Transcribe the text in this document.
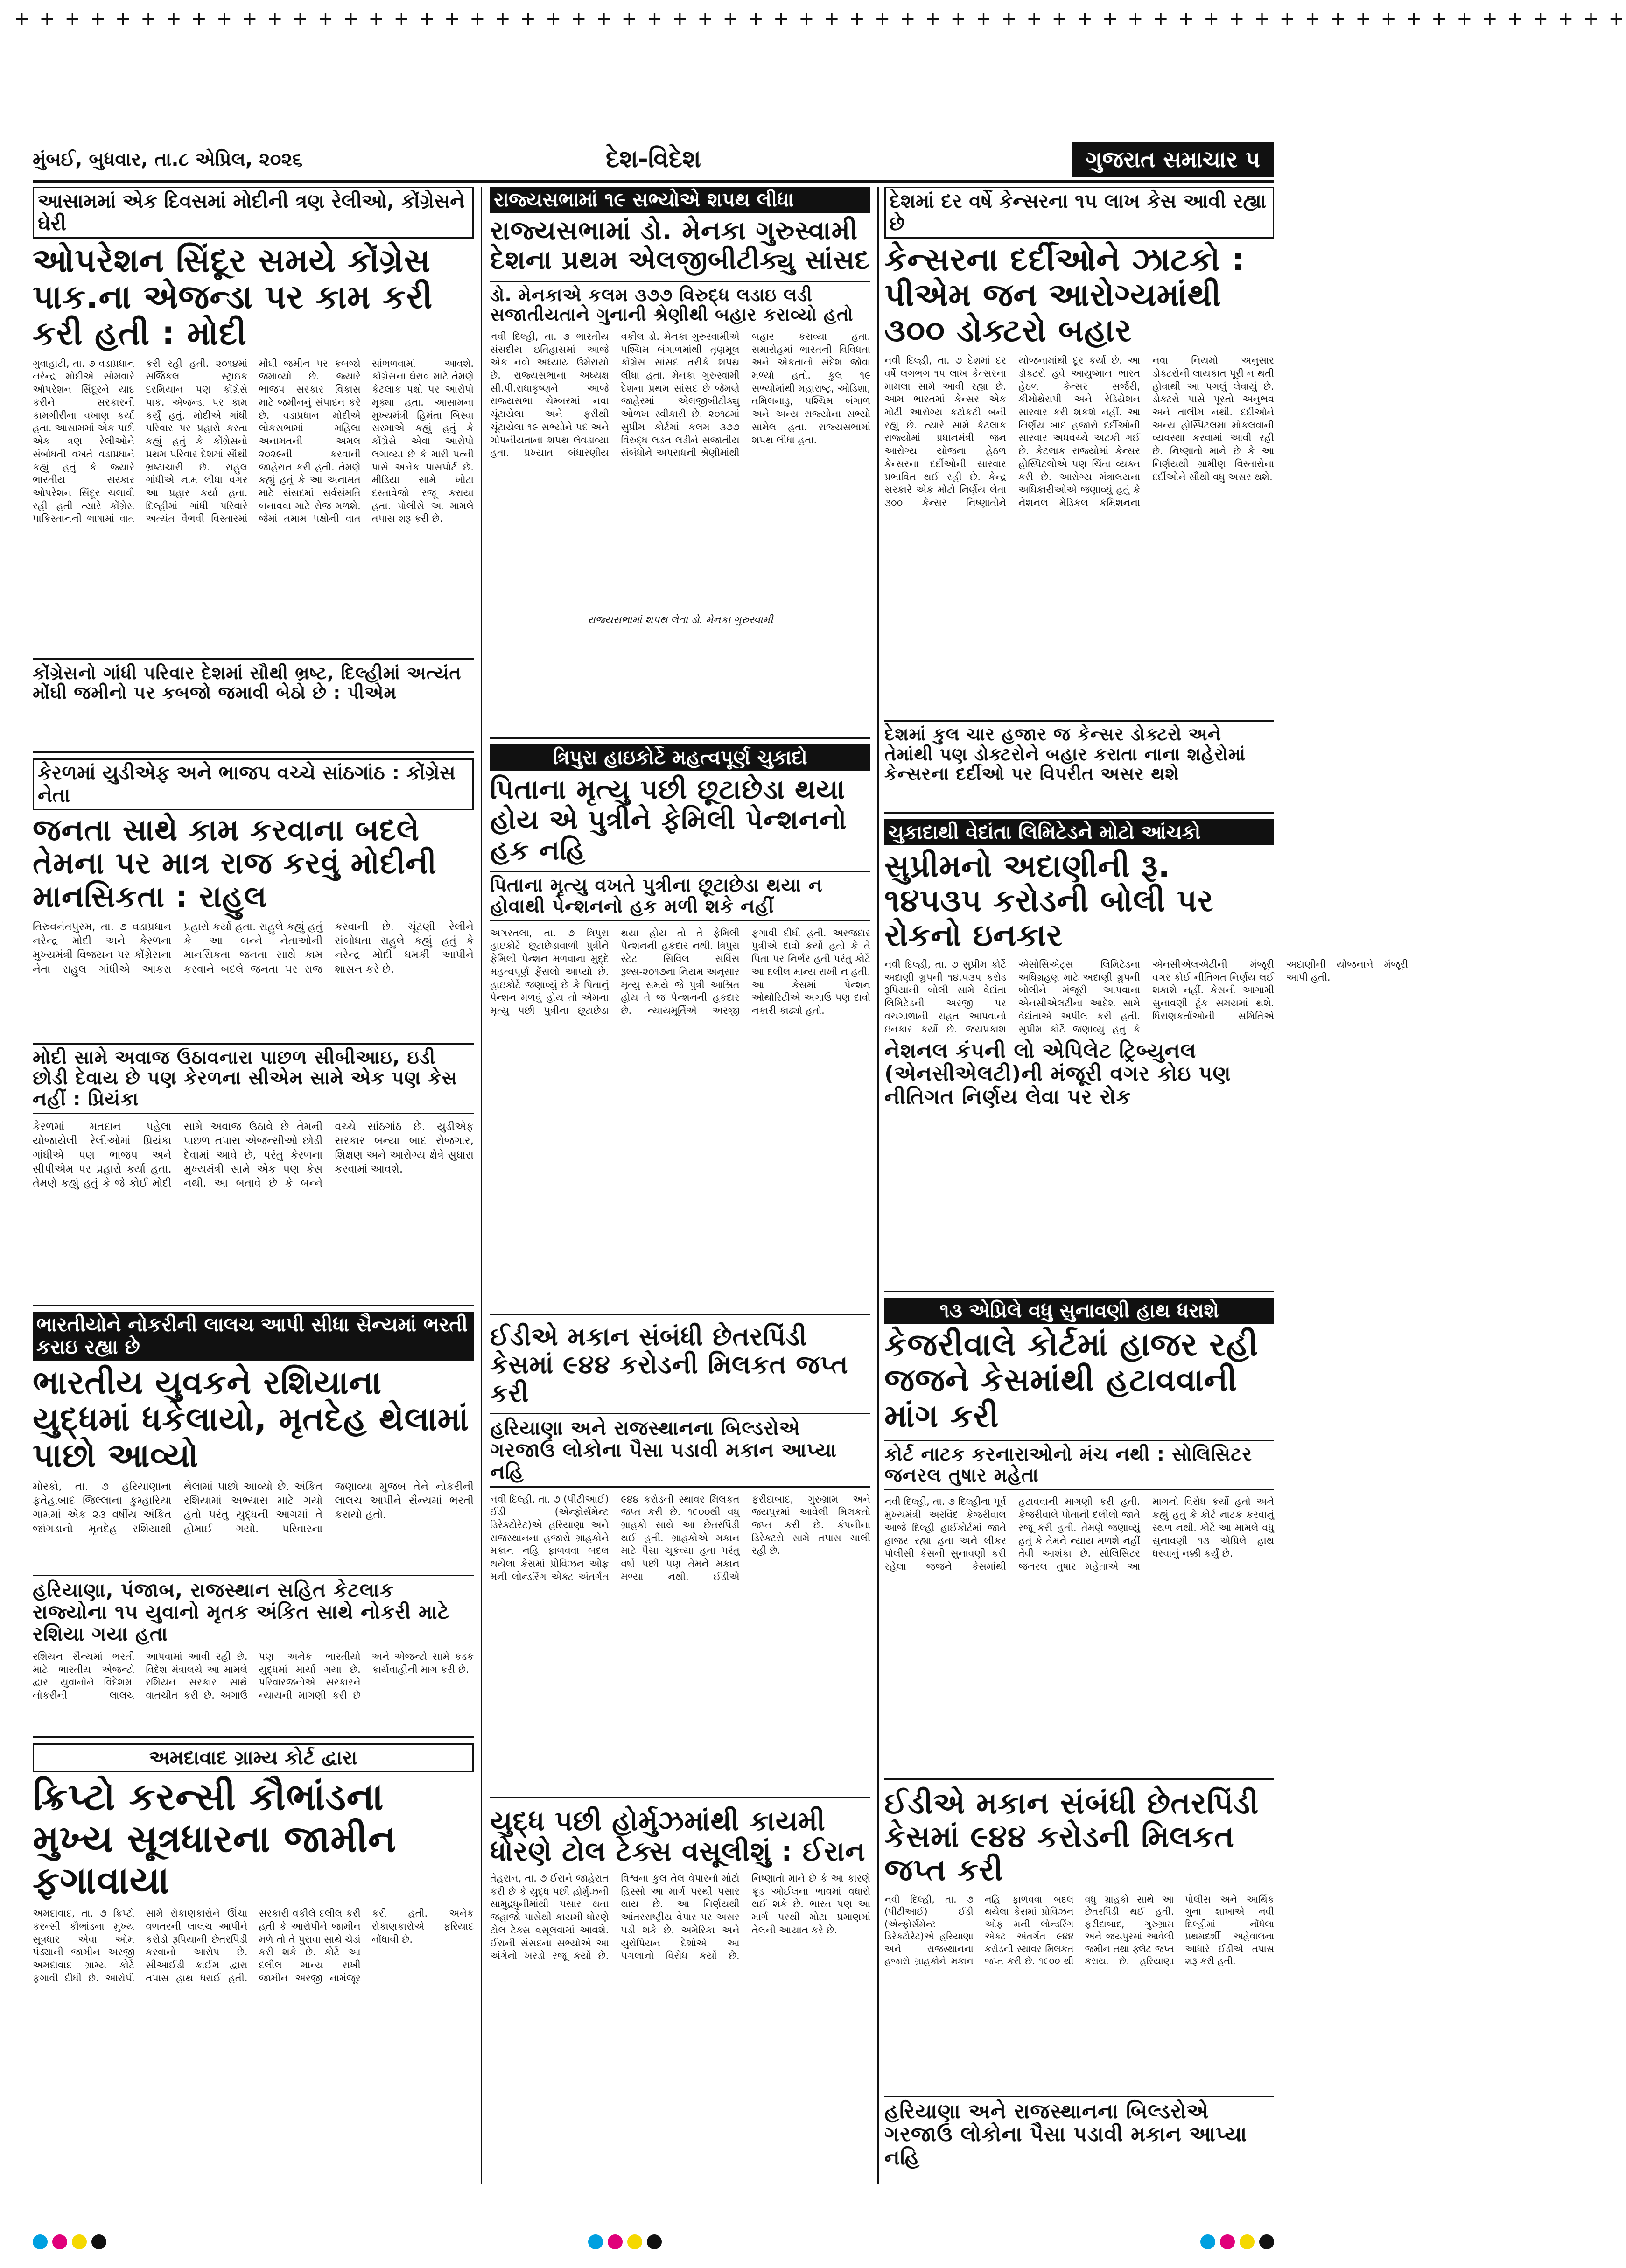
+ + + + + + + + + + + + + + + + + + + + + + + + + + + + + + + + + + + + + + + + + + + + + + + + + + + + + + + + + + + + + + + +
મુંબઈ, બુધવાર, તા.૮ એપ્રિલ, ૨૦૨૬	દેશ-વિદેશ	ગુજરાત સમાચાર ૫
આસામમાં એક દિવસમાં મોદીની ત્રણ રેલીઓ, કોંગ્રેસને ઘેરી
ઓપરેશન સિંદૂર સમયે કોંગ્રેસ પાક.ના એજન્ડા પર કામ કરી કરી હતી : મોદી
ગુવાહાટી, તા. ૭ વડાપ્રધાન નરેન્દ્ર મોદીએ સોમવારે ઓપરેશન સિંદૂરને યાદ કરીને સરકારની કામગીરીના વખાણ કર્યા હતા. આસામમાં એક પછી એક ત્રણ રેલીઓને સંબોધતી વખતે વડાપ્રધાને કહ્યું હતું કે જ્યારે ભારતીય સરકાર ઓપરેશન સિંદૂર ચલાવી રહી હતી ત્યારે કોંગ્રેસ પાકિસ્તાનની ભાષામાં વાત કરી રહી હતી. ૨૦૧૪માં સર્જિકલ સ્ટ્રાઇક દરમિયાન પણ કોંગ્રેસે પાક. એજન્ડા પર કામ કર્યું હતું. મોદીએ ગાંધી પરિવાર પર પ્રહારો કરતા કહ્યું હતું કે કોંગ્રેસનો પ્રથમ પરિવાર દેશમાં સૌથી ભ્રષ્ટાચારી છે. રાહુલ ગાંધીએ નામ લીધા વગર આ પ્રહાર કર્યા હતા. દિલ્હીમાં ગાંધી પરિવારે અત્યંત વૈભવી વિસ્તારમાં મોંઘી જમીન પર કબજો જમાવ્યો છે. જ્યારે ભાજપ સરકાર વિકાસ માટે જમીનનું સંપાદન કરે છે. વડાપ્રધાન મોદીએ લોકસભામાં મહિલા અનામતની અમલ ૨૦૨૯ની કરવાની જાહેરાત કરી હતી. તેમણે કહ્યું હતું કે આ અનામત માટે સંસદમાં સર્વસંમતિ બનાવવા માટે રોજ મળશે. જેમાં તમામ પક્ષોની વાત સાંભળવામાં આવશે. કોંગ્રેસના ઘેરાવ માટે તેમણે કેટલાક પક્ષો પર આરોપો મૂક્યા હતા. આસામના મુખ્યમંત્રી હિમંતા બિસ્વા સરમાએ કહ્યું હતું કે કોંગ્રેસે એવા આરોપો લગાવ્યા છે કે મારી પત્ની પાસે અનેક પાસપોર્ટ છે. મીડિયા સામે ખોટા દસ્તાવેજો રજૂ કરાયા હતા. પોલીસે આ મામલે તપાસ શરૂ કરી છે.
કોંગ્રેસનો ગાંધી પરિવાર દેશમાં સૌથી ભ્રષ્ટ, દિલ્હીમાં અત્યંત મોંઘી જમીનો પર કબજો જમાવી બેઠો છે : પીએમ
કેરળમાં યુડીએફ અને ભાજપ વચ્ચે સાંઠગાંઠ : કોંગ્રેસ નેતા
જનતા સાથે કામ કરવાના બદલે તેમના પર માત્ર રાજ કરવું મોદીની માનસિકતા : રાહુલ
તિરુવનંતપુરમ, તા. ૭ વડાપ્રધાન નરેન્દ્ર મોદી અને કેરળના મુખ્યમંત્રી વિજયન પર કોંગ્રેસના નેતા રાહુલ ગાંધીએ આકરા પ્રહારો કર્યા હતા. રાહુલે કહ્યું હતું કે આ બન્ને નેતાઓની માનસિકતા જનતા સાથે કામ કરવાને બદલે જનતા પર રાજ કરવાની છે. ચૂંટણી રેલીને સંબોધતા રાહુલે કહ્યું હતું કે નરેન્દ્ર મોદી ધમકી આપીને શાસન કરે છે.
મોદી સામે અવાજ ઉઠાવનારા પાછળ સીબીઆઇ, ઇડી છોડી દેવાય છે પણ કેરળના સીએમ સામે એક પણ કેસ નહીં : પ્રિયંકા
કેરળમાં મતદાન પહેલા યોજાયેલી રેલીઓમાં પ્રિયંકા ગાંધીએ પણ ભાજપ અને સીપીએમ પર પ્રહારો કર્યા હતા. તેમણે કહ્યું હતું કે જે કોઈ મોદી સામે અવાજ ઉઠાવે છે તેમની પાછળ તપાસ એજન્સીઓ છોડી દેવામાં આવે છે, પરંતુ કેરળના મુખ્યમંત્રી સામે એક પણ કેસ નથી. આ બતાવે છે કે બન્ને વચ્ચે સાંઠગાંઠ છે. યુડીએફ સરકાર બન્યા બાદ રોજગાર, શિક્ષણ અને આરોગ્ય ક્ષેત્રે સુધારા કરવામાં આવશે.
ભારતીયોને નોકરીની લાલચ આપી સીધા સૈન્યમાં ભરતી કરાઇ રહ્યા છે
ભારતીય યુવકને રશિયાના યુદ્ધમાં ધકેલાયો, મૃતદેહ થેલામાં પાછો આવ્યો
મોસ્કો, તા. ૭ હરિયાણાના ફતેહાબાદ જિલ્લાના કુમ્હારિયા ગામમાં એક ૨૩ વર્ષીય અંકિત જાંગડાનો મૃતદેહ રશિયાથી થેલામાં પાછો આવ્યો છે. અંકિત રશિયામાં અભ્યાસ માટે ગયો હતો પરંતુ યુદ્ધની આગમાં તે હોમાઈ ગયો. પરિવારના જણાવ્યા મુજબ તેને નોકરીની લાલચ આપીને સૈન્યમાં ભરતી કરાયો હતો.
હરિયાણા, પંજાબ, રાજસ્થાન સહિત કેટલાક રાજ્યોના ૧૫ યુવાનો મૃતક અંકિત સાથે નોકરી માટે રશિયા ગયા હતા
રશિયન સૈન્યમાં ભરતી માટે ભારતીય એજન્ટો દ્વારા યુવાનોને વિદેશમાં નોકરીની લાલચ આપવામાં આવી રહી છે. વિદેશ મંત્રાલયે આ મામલે રશિયન સરકાર સાથે વાતચીત કરી છે. અગાઉ પણ અનેક ભારતીયો યુદ્ધમાં માર્યા ગયા છે. પરિવારજનોએ સરકારને ન્યાયની માગણી કરી છે અને એજન્ટો સામે કડક કાર્યવાહીની માગ કરી છે.
અમદાવાદ ગ્રામ્ય કોર્ટ દ્વારા
ક્રિપ્ટો કરન્સી કૌભાંડના મુખ્ય સૂત્રધારના જામીન ફગાવાયા
અમદાવાદ, તા. ૭ ક્રિપ્ટો કરન્સી કૌભાંડના મુખ્ય સૂત્રધાર એવા ઓમ પંડ્યાની જામીન અરજી અમદાવાદ ગ્રામ્ય કોર્ટે ફગાવી દીધી છે. આરોપી સામે રોકાણકારોને ઊંચા વળતરની લાલચ આપીને કરોડો રૂપિયાની છેતરપિંડી કરવાનો આરોપ છે. સીઆઈડી ક્રાઈમ દ્વારા તપાસ હાથ ધરાઈ હતી. સરકારી વકીલે દલીલ કરી હતી કે આરોપીને જામીન મળે તો તે પુરાવા સાથે ચેડાં કરી શકે છે. કોર્ટે આ દલીલ માન્ય રાખી જામીન અરજી નામંજૂર કરી હતી. અનેક રોકાણકારોએ ફરિયાદ નોંધાવી છે.
રાજ્યસભામાં ૧૯ સભ્યોએ શપથ લીધા
રાજ્યસભામાં ડો. મેનકા ગુરુસ્વામી દેશના પ્રથમ એલજીબીટીક્યુ સાંસદ
ડો. મેનકાએ કલમ ૩૭૭ વિરુદ્ધ લડાઇ લડી સજાતીયતાને ગુનાની શ્રેણીથી બહાર કરાવ્યો હતો
નવી દિલ્હી, તા. ૭ ભારતીય સંસદીય ઇતિહાસમાં આજે એક નવો અધ્યાય ઉમેરાયો છે. રાજ્યસભાના અધ્યક્ષ સી.પી.રાધાકૃષ્ણને આજે રાજ્યસભા ચેમ્બરમાં નવા ચૂંટાયેલા અને ફરીથી ચૂંટાયેલા ૧૯ સભ્યોને પદ અને ગોપનીયતાના શપથ લેવડાવ્યા હતા. પ્રખ્યાત બંધારણીય વકીલ ડો. મેનકા ગુરુસ્વામીએ પશ્ચિમ બંગાળમાંથી તૃણમૂલ કોંગ્રેસ સાંસદ તરીકે શપથ લીધા હતા. મેનકા ગુરુસ્વામી દેશના પ્રથમ સાંસદ છે જેમણે જાહેરમાં એલજીબીટીક્યુ ઓળખ સ્વીકારી છે. ૨૦૧૮માં સુપ્રીમ કોર્ટમાં કલમ ૩૭૭ વિરુદ્ધ લડત લડીને સજાતીય સંબંધોને અપરાધની શ્રેણીમાંથી બહાર કરાવ્યા હતા. સમારોહમાં ભારતની વિવિધતા અને એકતાનો સંદેશ જોવા મળ્યો હતો. કુલ ૧૯ સભ્યોમાંથી મહારાષ્ટ્ર, ઓડિશા, તમિલનાડુ, પશ્ચિમ બંગાળ અને અન્ય રાજ્યોના સભ્યો સામેલ હતા. રાજ્યસભામાં શપથ લીધા હતા.
રાજ્યસભામાં શપથ લેતા ડો. મેનકા ગુરુસ્વામી
ત્રિપુરા હાઇકોર્ટે મહત્વપૂર્ણ ચુકાદો
પિતાના મૃત્યુ પછી છૂટાછેડા થયા હોય એ પુત્રીને ફેમિલી પેન્શનનો હક નહિ
પિતાના મૃત્યુ વખતે પુત્રીના છૂટાછેડા થયા ન હોવાથી પેન્શનનો હક મળી શકે નહીં
અગરતલા, તા. ૭ ત્રિપુરા હાઇકોર્ટે છૂટાછેડાવાળી પુત્રીને ફેમિલી પેન્શન મળવાના મુદ્દે મહત્વપૂર્ણ ફેંસલો આપ્યો છે. હાઇકોર્ટે જણાવ્યું છે કે પિતાનું પેન્શન મળવું હોય તો એમના મૃત્યુ પછી પુત્રીના છૂટાછેડા થયા હોય તો તે ફેમિલી પેન્શનની હકદાર નથી. ત્રિપુરા સ્ટેટ સિવિલ સર્વિસ રૂલ્સ-૨૦૧૭ના નિયમ અનુસાર મૃત્યુ સમયે જે પુત્રી આશ્રિત હોય તે જ પેન્શનની હકદાર છે. ન્યાયમૂર્તિએ અરજી ફગાવી દીધી હતી. અરજદાર પુત્રીએ દાવો કર્યો હતો કે તે પિતા પર નિર્ભર હતી પરંતુ કોર્ટે આ દલીલ માન્ય રાખી ન હતી. આ કેસમાં પેન્શન ઓથોરિટીએ અગાઉ પણ દાવો નકારી કાઢ્યો હતો.
ઈડીએ મકાન સંબંધી છેતરપિંડી કેસમાં ૯૪૪ કરોડની મિલકત જપ્ત કરી
હરિયાણા અને રાજસ્થાનના બિલ્ડરોએ ગરજાઉ લોકોના પૈસા પડાવી મકાન આપ્યા નહિ
નવી દિલ્હી, તા. ૭ (પીટીઆઈ) ઈડી (એન્ફોર્સમેન્ટ ડિરેક્ટોરેટ)એ હરિયાણા અને રાજસ્થાનના હજારો ગ્રાહકોને મકાન નહિ ફાળવવા બદલ થયેલા કેસમાં પ્રોવિઝન ઓફ મની લોન્ડરિંગ એક્ટ અંતર્ગત ૯૪૪ કરોડની સ્થાવર મિલકત જપ્ત કરી છે. ૧૯૦૦થી વધુ ગ્રાહકો સાથે આ છેતરપિંડી થઈ હતી. ગ્રાહકોએ મકાન માટે પૈસા ચૂકવ્યા હતા પરંતુ વર્ષો પછી પણ તેમને મકાન મળ્યા નથી. ઈડીએ ફરીદાબાદ, ગુરુગ્રામ અને જયપુરમાં આવેલી મિલકતો જપ્ત કરી છે. કંપનીના ડિરેક્ટરો સામે તપાસ ચાલી રહી છે.
યુદ્ધ પછી હોર્મુઝમાંથી કાયમી ધોરણે ટોલ ટેક્સ વસૂલીશું : ઈરાન
તેહરાન, તા. ૭ ઈરાને જાહેરાત કરી છે કે યુદ્ધ પછી હોર્મુઝની સામુદ્રધુનીમાંથી પસાર થતા જહાજો પાસેથી કાયમી ધોરણે ટોલ ટેક્સ વસૂલવામાં આવશે. ઈરાની સંસદના સભ્યોએ આ અંગેનો ખરડો રજૂ કર્યો છે. વિશ્વના કુલ તેલ વેપારનો મોટો હિસ્સો આ માર્ગ પરથી પસાર થાય છે. આ નિર્ણયથી આંતરરાષ્ટ્રીય વેપાર પર અસર પડી શકે છે. અમેરિકા અને યુરોપિયન દેશોએ આ પગલાનો વિરોધ કર્યો છે. નિષ્ણાતો માને છે કે આ કારણે ક્રૂડ ઓઈલના ભાવમાં વધારો થઈ શકે છે. ભારત પણ આ માર્ગ પરથી મોટા પ્રમાણમાં તેલની આયાત કરે છે.
દેશમાં દર વર્ષે કેન્સરના ૧૫ લાખ કેસ આવી રહ્યા છે
કેન્સરના દર્દીઓને ઝાટકો : પીએમ જન આરોગ્યમાંથી ૩૦૦ ડોક્ટરો બહાર
નવી દિલ્હી, તા. ૭ દેશમાં દર વર્ષે લગભગ ૧૫ લાખ કેન્સરના મામલા સામે આવી રહ્યા છે. આમ ભારતમાં કેન્સર એક મોટી આરોગ્ય કટોકટી બની રહ્યું છે. ત્યારે સામે કેટલાક રાજ્યોમાં પ્રધાનમંત્રી જન આરોગ્ય યોજના હેઠળ કેન્સરના દર્દીઓની સારવાર પ્રભાવિત થઈ રહી છે. કેન્દ્ર સરકારે એક મોટો નિર્ણય લેતા ૩૦૦ કેન્સર નિષ્ણાતોને યોજનામાંથી દૂર કર્યા છે. આ ડોક્ટરો હવે આયુષ્માન ભારત હેઠળ કેન્સર સર્જરી, કીમોથેરાપી અને રેડિયેશન સારવાર કરી શકશે નહીં. આ નિર્ણય બાદ હજારો દર્દીઓની સારવાર અધવચ્ચે અટકી ગઈ છે. કેટલાક રાજ્યોમાં કેન્સર હોસ્પિટલોએ પણ ચિંતા વ્યક્ત કરી છે. આરોગ્ય મંત્રાલયના અધિકારીઓએ જણાવ્યું હતું કે નેશનલ મેડિકલ કમિશનના નવા નિયમો અનુસાર ડોક્ટરોની લાયકાત પૂરી ન થતી હોવાથી આ પગલું લેવાયું છે. ડોક્ટરો પાસે પૂરતો અનુભવ અને તાલીમ નથી. દર્દીઓને અન્ય હોસ્પિટલમાં મોકલવાની વ્યવસ્થા કરવામાં આવી રહી છે. નિષ્ણાતો માને છે કે આ નિર્ણયથી ગ્રામીણ વિસ્તારોના દર્દીઓને સૌથી વધુ અસર થશે.
દેશમાં કુલ ચાર હજાર જ કેન્સર ડોક્ટરો અને તેમાંથી પણ ડોક્ટરોને બહાર કરાતા નાના શહેરોમાં કેન્સરના દર્દીઓ પર વિપરીત અસર થશે
ચુકાદાથી વેદાંતા લિમિટેડને મોટો આંચકો
સુપ્રીમનો અદાણીની રૂ. ૧૪૫૩૫ કરોડની બોલી પર રોકનો ઇનકાર
નવી દિલ્હી, તા. ૭ સુપ્રીમ કોર્ટે અદાણી ગ્રુપની ૧૪,૫૩૫ કરોડ રૂપિયાની બોલી સામે વેદાંતા લિમિટેડની અરજી પર વચગાળાની રાહત આપવાનો ઇનકાર કર્યો છે. જયપ્રકાશ એસોસિએટ્સ લિમિટેડના અધિગ્રહણ માટે અદાણી ગ્રુપની બોલીને મંજૂરી આપવાના એનસીએલટીના આદેશ સામે વેદાંતાએ અપીલ કરી હતી. સુપ્રીમ કોર્ટે જણાવ્યું હતું કે એનસીએલએટીની મંજૂરી વગર કોઈ નીતિગત નિર્ણય લઈ શકાશે નહીં. કેસની આગામી સુનાવણી ટૂંક સમયમાં થશે. ધિરાણકર્તાઓની સમિતિએ અદાણીની યોજનાને મંજૂરી આપી હતી.
નેશનલ કંપની લો એપિલેટ ટ્રિબ્યુનલ (એનસીએલટી)ની મંજૂરી વગર કોઇ પણ નીતિગત નિર્ણય લેવા પર રોક
૧૩ એપ્રિલે વધુ સુનાવણી હાથ ધરાશે
કેજરીવાલે કોર્ટમાં હાજર રહી જજને કેસમાંથી હટાવવાની માંગ કરી
કોર્ટ નાટક કરનારાઓનો મંચ નથી : સોલિસિટર જનરલ તુષાર મહેતા
નવી દિલ્હી, તા. ૭ દિલ્હીના પૂર્વ મુખ્યમંત્રી અરવિંદ કેજરીવાલ આજે દિલ્હી હાઈકોર્ટમાં જાતે હાજર રહ્યા હતા અને લીકર પોલીસી કેસની સુનાવણી કરી રહેલા જજને કેસમાંથી હટાવવાની માગણી કરી હતી. કેજરીવાલે પોતાની દલીલો જાતે રજૂ કરી હતી. તેમણે જણાવ્યું હતું કે તેમને ન્યાય મળશે નહીં તેવી આશંકા છે. સોલિસિટર જનરલ તુષાર મહેતાએ આ માગનો વિરોધ કર્યો હતો અને કહ્યું હતું કે કોર્ટ નાટક કરવાનું સ્થળ નથી. કોર્ટે આ મામલે વધુ સુનાવણી ૧૩ એપ્રિલે હાથ ધરવાનું નક્કી કર્યું છે.
ઈડીએ મકાન સંબંધી છેતરપિંડી કેસમાં ૯૪૪ કરોડની મિલકત જપ્ત કરી
નવી દિલ્હી, તા. ૭ (પીટીઆઈ) ઈડી (એન્ફોર્સમેન્ટ ડિરેક્ટોરેટ)એ હરિયાણા અને રાજસ્થાનના હજારો ગ્રાહકોને મકાન નહિ ફાળવવા બદલ થયેલા કેસમાં પ્રોવિઝન ઓફ મની લોન્ડરિંગ એક્ટ અંતર્ગત ૯૪૪ કરોડની સ્થાવર મિલકત જપ્ત કરી છે. ૧૯૦૦ થી વધુ ગ્રાહકો સાથે આ છેતરપિંડી થઈ હતી. ફરીદાબાદ, ગુરુગ્રામ અને જયપુરમાં આવેલી જમીન તથા ફ્લેટ જપ્ત કરાયા છે. હરિયાણા પોલીસ અને આર્થિક ગુના શાખાએ નવી દિલ્હીમાં નોંધેલા પ્રથમદર્શી અહેવાલના આધારે ઈડીએ તપાસ શરૂ કરી હતી.
હરિયાણા અને રાજસ્થાનના બિલ્ડરોએ ગરજાઉ લોકોના પૈસા પડાવી મકાન આપ્યા નહિ
